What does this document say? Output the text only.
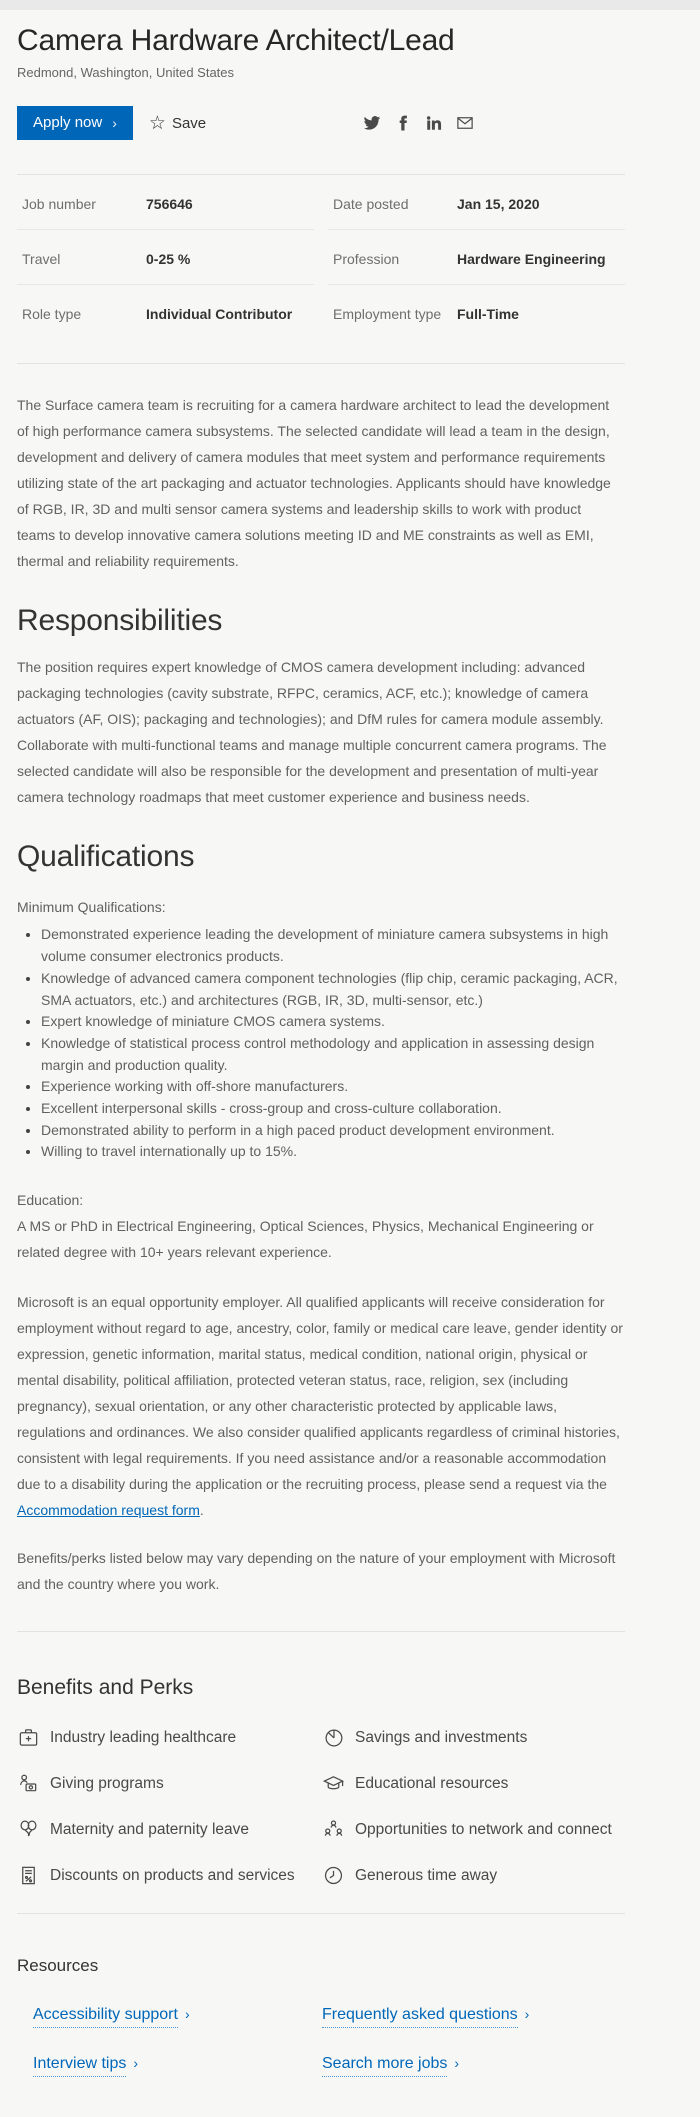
Camera Hardware Architect/Lead
Redmond, Washington, United States
Apply now › ☆ Save
Job number	756646	Date posted	Jan 15, 2020
Travel	0-25 %	Profession	Hardware Engineering
Role type	Individual Contributor	Employment type	Full-Time

The Surface camera team is recruiting for a camera hardware architect to lead the development of high performance camera subsystems. The selected candidate will lead a team in the design, development and delivery of camera modules that meet system and performance requirements utilizing state of the art packaging and actuator technologies. Applicants should have knowledge of RGB, IR, 3D and multi sensor camera systems and leadership skills to work with product teams to develop innovative camera solutions meeting ID and ME constraints as well as EMI, thermal and reliability requirements.

Responsibilities

The position requires expert knowledge of CMOS camera development including: advanced packaging technologies (cavity substrate, RFPC, ceramics, ACF, etc.); knowledge of camera actuators (AF, OIS); packaging and technologies); and DfM rules for camera module assembly. Collaborate with multi-functional teams and manage multiple concurrent camera programs. The selected candidate will also be responsible for the development and presentation of multi-year camera technology roadmaps that meet customer experience and business needs.

Qualifications

Minimum Qualifications:

• Demonstrated experience leading the development of miniature camera subsystems in high volume consumer electronics products.
• Knowledge of advanced camera component technologies (flip chip, ceramic packaging, ACR, SMA actuators, etc.) and architectures (RGB, IR, 3D, multi-sensor, etc.)
• Expert knowledge of miniature CMOS camera systems.
• Knowledge of statistical process control methodology and application in assessing design margin and production quality.
• Experience working with off-shore manufacturers.
• Excellent interpersonal skills - cross-group and cross-culture collaboration.
• Demonstrated ability to perform in a high paced product development environment.
• Willing to travel internationally up to 15%.

Education:
A MS or PhD in Electrical Engineering, Optical Sciences, Physics, Mechanical Engineering or related degree with 10+ years relevant experience.

Microsoft is an equal opportunity employer. All qualified applicants will receive consideration for employment without regard to age, ancestry, color, family or medical care leave, gender identity or expression, genetic information, marital status, medical condition, national origin, physical or mental disability, political affiliation, protected veteran status, race, religion, sex (including pregnancy), sexual orientation, or any other characteristic protected by applicable laws, regulations and ordinances. We also consider qualified applicants regardless of criminal histories, consistent with legal requirements. If you need assistance and/or a reasonable accommodation due to a disability during the application or the recruiting process, please send a request via the Accommodation request form.

Benefits/perks listed below may vary depending on the nature of your employment with Microsoft and the country where you work.

Benefits and Perks
Industry leading healthcare	Savings and investments
Giving programs	Educational resources
Maternity and paternity leave	Opportunities to network and connect
Discounts on products and services	Generous time away
Resources
Accessibility support ›	Frequently asked questions ›
Interview tips ›	Search more jobs ›
